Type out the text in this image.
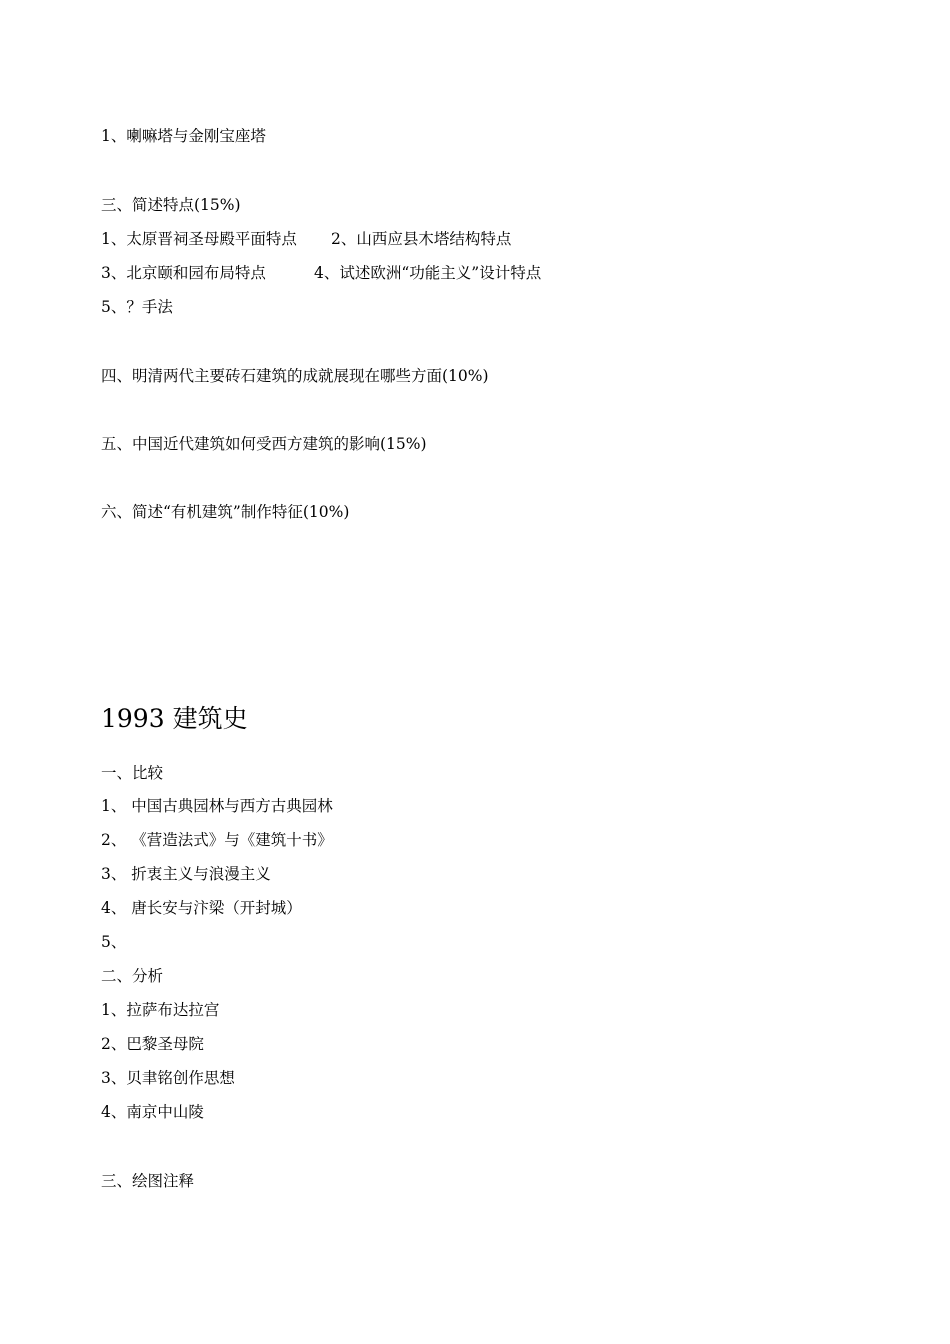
1、喇嘛塔与金刚宝座塔
三、简述特点(15%)
1、太原晋祠圣母殿平面特点 2、山西应县木塔结构特点
3、北京颐和园布局特点	4、试述欧洲“功能主义”设计特点
5、？手法
四、明清两代主要砖石建筑的成就展现在哪些方面(10%)
五、中国近代建筑如何受西方建筑的影响(15%)
六、简述“有机建筑”制作特征(10%)
1993 建筑史
一、比较
1、 中国古典园林与西方古典园林
2、 《营造法式》与《建筑十书》
3、 折衷主义与浪漫主义
4、 唐长安与汴梁（开封城）
5、
二、分析
1、拉萨布达拉宫
2、巴黎圣母院
3、贝聿铭创作思想
4、南京中山陵
三、绘图注释
